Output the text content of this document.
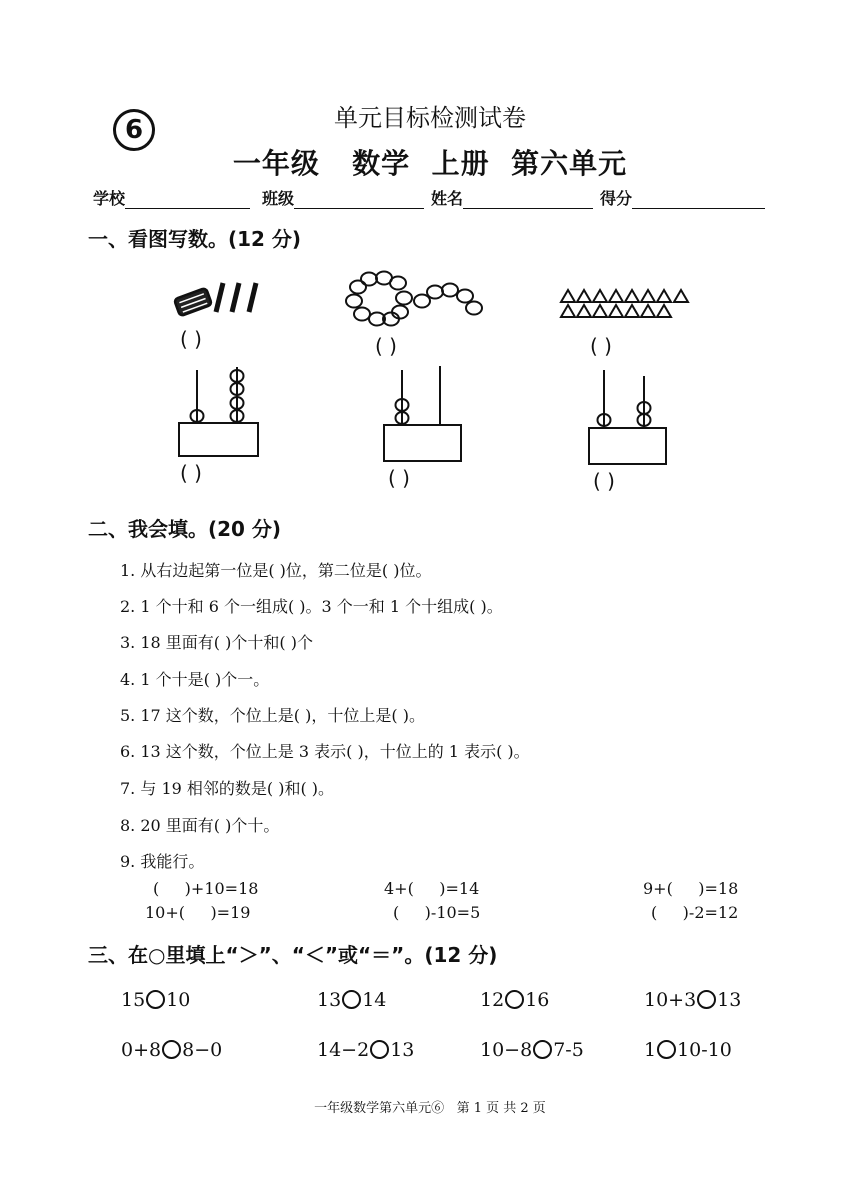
单元目标检测试卷
6
一年级   数学  上册  第六单元
学校	班级	姓名	得分
一、看图写数。(12 分)
( )	( )	( )
( )	( )	( )
二、我会填。(20 分)
1. 从右边起第一位是( )位，第二位是( )位。
2. 1 个十和 6 个一组成( )。3 个一和 1 个十组成( )。
3. 18 里面有( )个十和( )个
4. 1 个十是( )个一。
5. 17 这个数，个位上是( )，十位上是( )。
6. 13 这个数，个位上是 3 表示( )，十位上的 1 表示( )。
7. 与 19 相邻的数是( )和( )。
8. 20 里面有( )个十。
9. 我能行。
(     )+10=18	4+(     )=14	9+(     )=18
10+(     )=19	(     )-10=5	(     )-2=12
三、在○里填上“＞”、“＜”或“＝”。(12 分)
15 10	13 14	12 16	10+3 13
0+8 8−0	14−2 13	10−8 7-5	1 10-10
一年级数学第六单元⑥ 第 1 页 共 2 页
